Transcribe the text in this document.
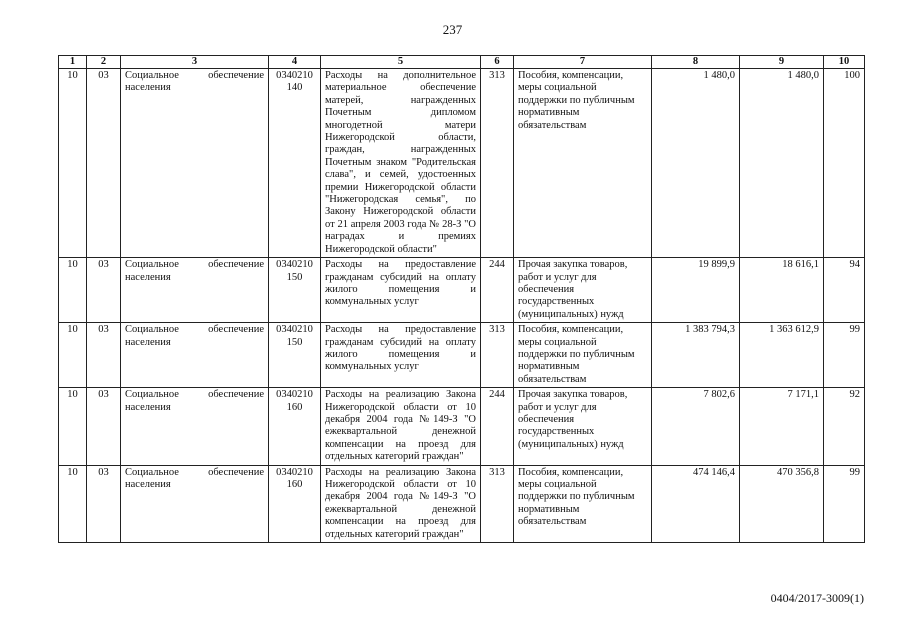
237
1	2	3	4	5	6	7	8	9	10
10	03	Социальное обеспечение населения	0340210 140	Расходы на дополнительное материальное обеспечение матерей, награжденных Почетным дипломом многодетной матери Нижегородской области, граждан, награжденных Почетным знаком "Родительская слава", и семей, удостоенных премии Нижегородской области "Нижегородская семья", по Закону Нижегородской области от 21 апреля 2003 года № 28-З "О наградах и премиях Нижегородской области"	313	Пособия, компенсации, меры социальной поддержки по публичным нормативным обязательствам	1 480,0	1 480,0	100
10	03	Социальное обеспечение населения	0340210 150	Расходы на предоставление гражданам субсидий на оплату жилого помещения и коммунальных услуг	244	Прочая закупка товаров, работ и услуг для обеспечения государственных (муниципальных) нужд	19 899,9	18 616,1	94
10	03	Социальное обеспечение населения	0340210 150	Расходы на предоставление гражданам субсидий на оплату жилого помещения и коммунальных услуг	313	Пособия, компенсации, меры социальной поддержки по публичным нормативным обязательствам	1 383 794,3	1 363 612,9	99
10	03	Социальное обеспечение населения	0340210 160	Расходы на реализацию Закона Нижегородской области от 10 декабря 2004 года №149-З "О ежеквартальной денежной компенсации на проезд для отдельных категорий граждан"	244	Прочая закупка товаров, работ и услуг для обеспечения государственных (муниципальных) нужд	7 802,6	7 171,1	92
10	03	Социальное обеспечение населения	0340210 160	Расходы на реализацию Закона Нижегородской области от 10 декабря 2004 года №149-З "О ежеквартальной денежной компенсации на проезд для отдельных категорий граждан"	313	Пособия, компенсации, меры социальной поддержки по публичным нормативным обязательствам	474 146,4	470 356,8	99
0404/2017-3009(1)
